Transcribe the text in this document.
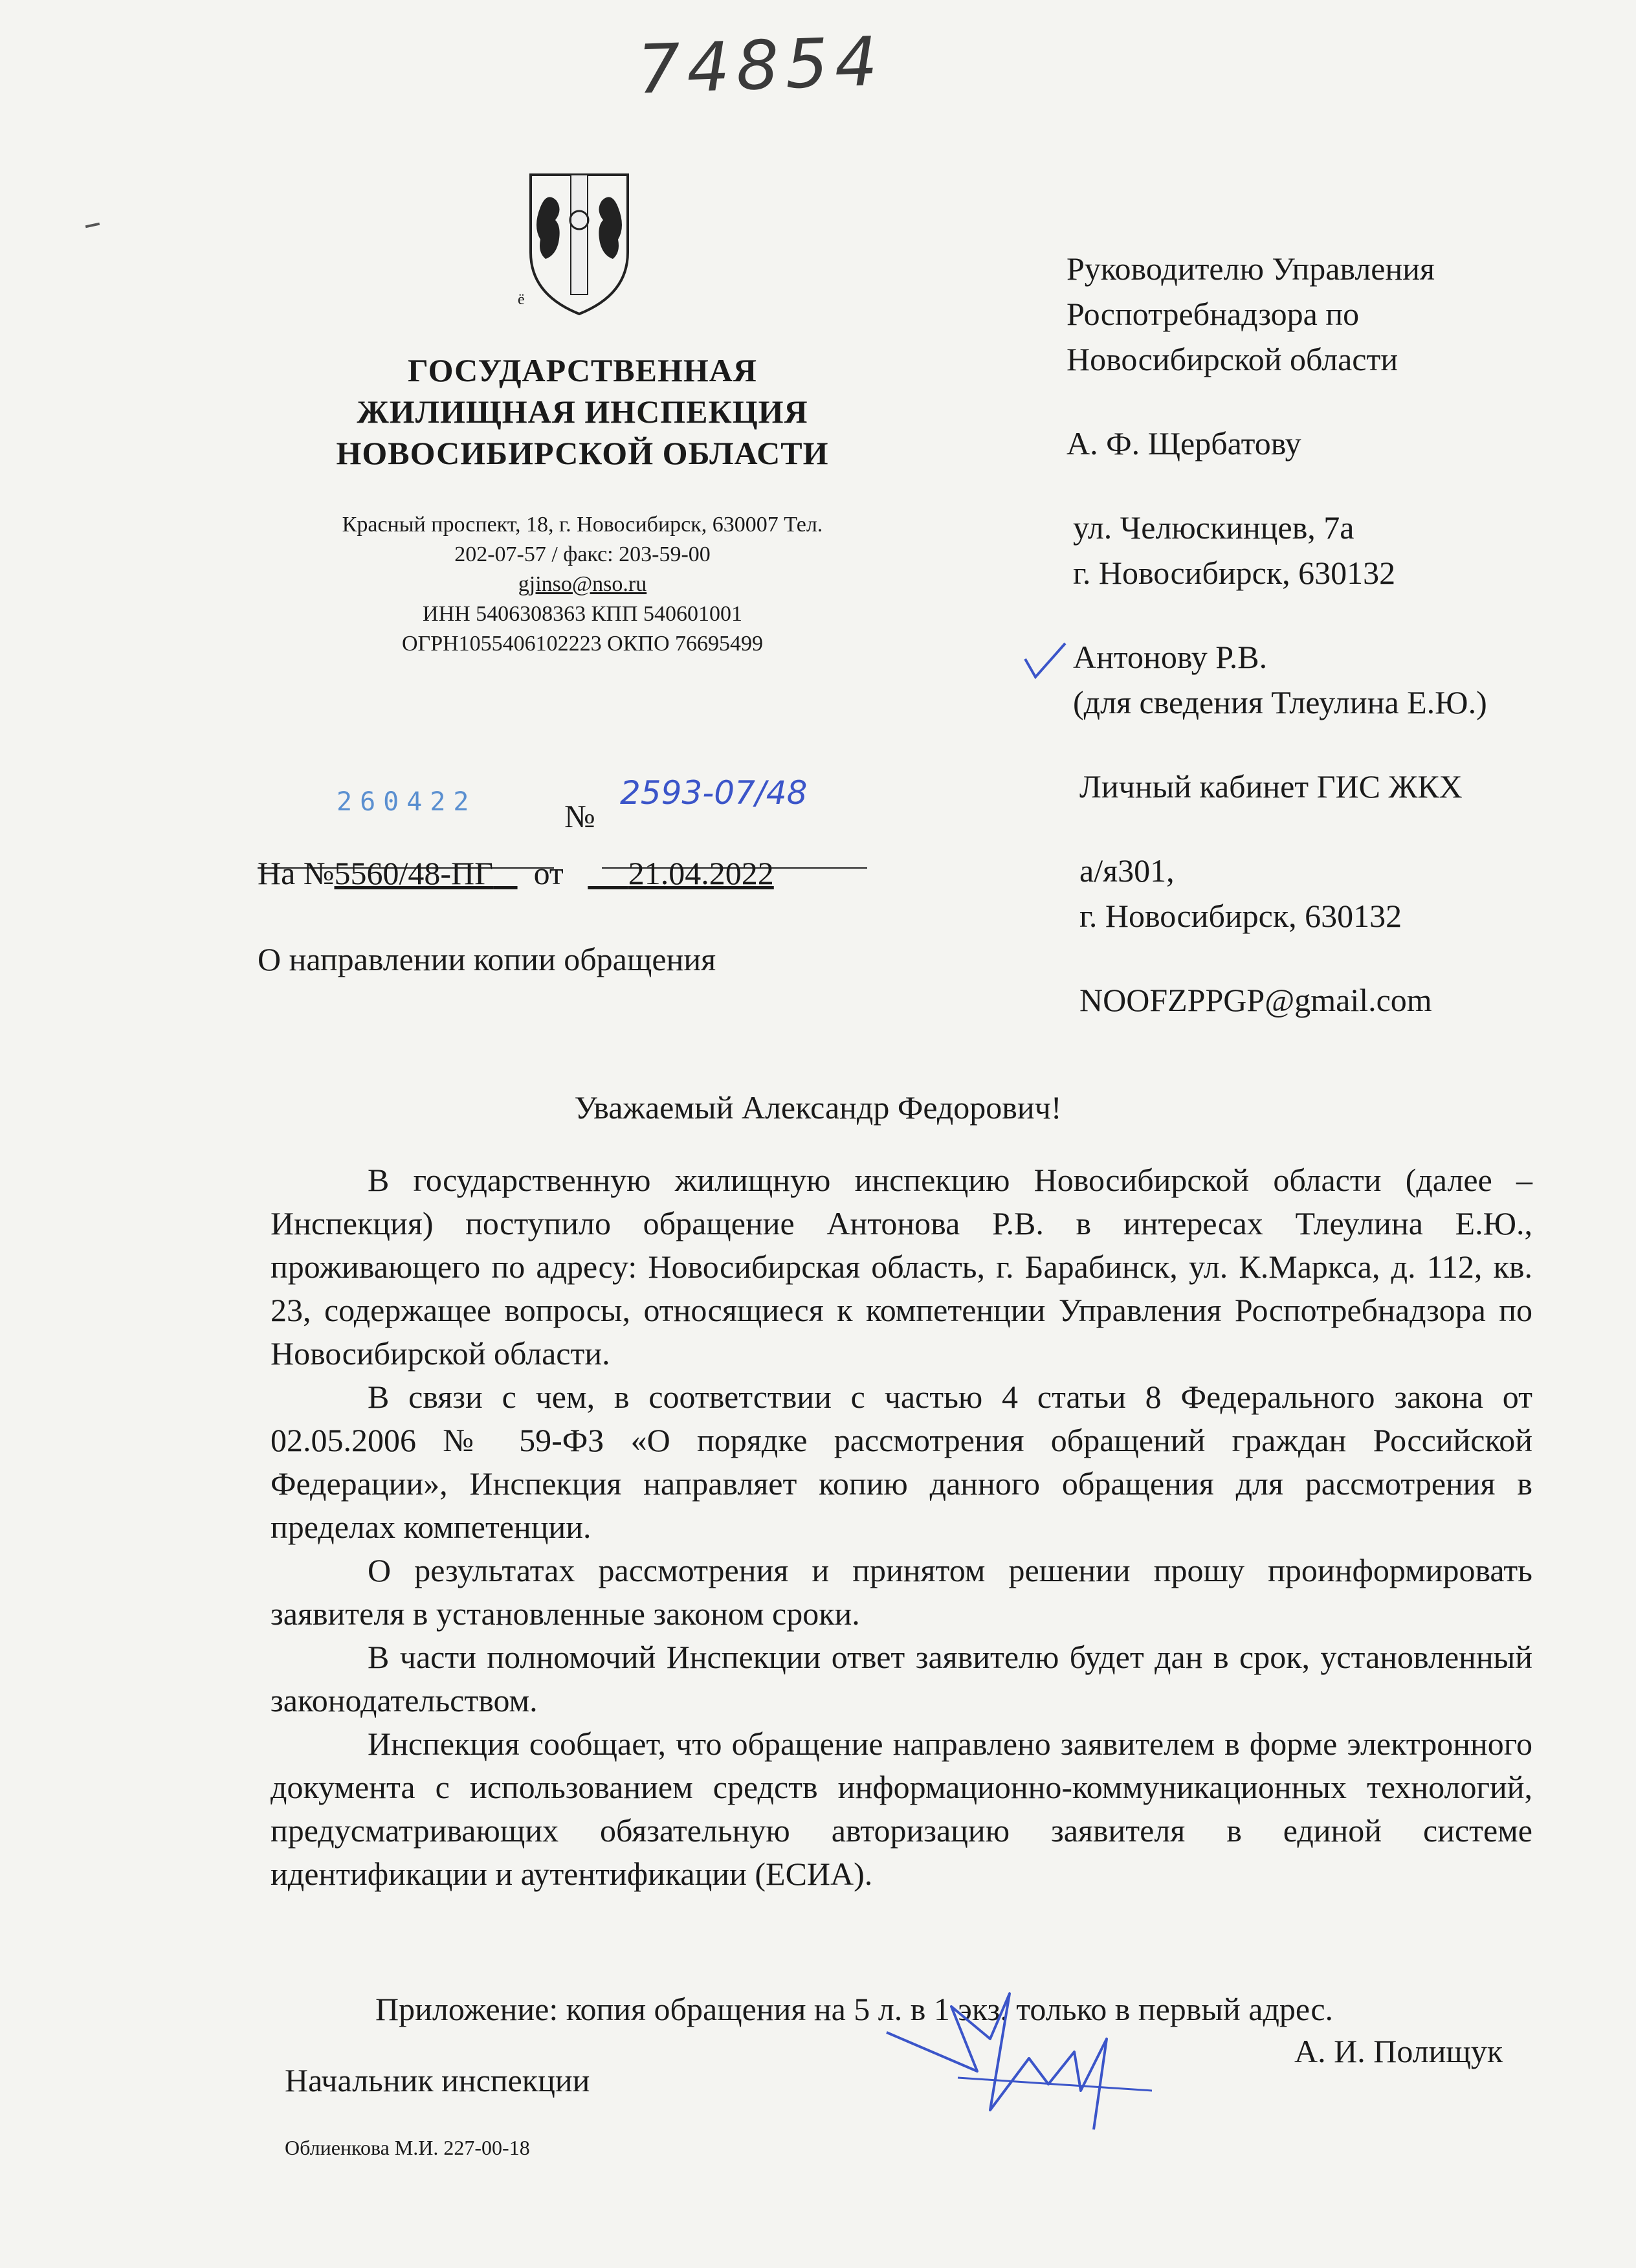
74854
ё
ГОСУДАРСТВЕННАЯ
ЖИЛИЩНАЯ ИНСПЕКЦИЯ
НОВОСИБИРСКОЙ ОБЛАСТИ
Красный проспект, 18, г. Новосибирск, 630007 Тел.
202-07-57 / факс: 203-59-00
gjinso@nso.ru
ИНН 5406308363 КПП 540601001
ОГРН1055406102223 ОКПО 76695499
260422	№
2593-07/48
На №5560/48-ПГ от 21.04.2022
О направлении копии обращения
Руководителю Управления
Роспотребнадзора по
Новосибирской области
А. Ф. Щербатову
ул. Челюскинцев, 7а
г. Новосибирск, 630132
Антонову Р.В.
(для сведения Тлеулина Е.Ю.)
Личный кабинет ГИС ЖКХ
а/я301,
г. Новосибирск, 630132
NOOFZPPGP@gmail.com
Уважаемый Александр Федорович!

В государственную жилищную инспекцию Новосибирской области (далее – Инспекция) поступило обращение Антонова Р.В. в интересах Тлеулина Е.Ю., проживающего по адресу: Новосибирская область, г. Барабинск, ул. К.Маркса, д. 112, кв. 23, содержащее вопросы, относящиеся к компетенции Управления Роспотребнадзора по Новосибирской области.

В связи с чем, в соответствии с частью 4 статьи 8 Федерального закона от 02.05.2006 № 59-ФЗ «О порядке рассмотрения обращений граждан Российской Федерации», Инспекция направляет копию данного обращения для рассмотрения в пределах компетенции.

О результатах рассмотрения и принятом решении прошу проинформировать заявителя в установленные законом сроки.

В части полномочий Инспекции ответ заявителю будет дан в срок, установленный законодательством.

Инспекция сообщает, что обращение направлено заявителем в форме электронного документа с использованием средств информационно-коммуникационных технологий, предусматривающих обязательную авторизацию заявителя в единой системе идентификации и аутентификации (ЕСИА).

Приложение: копия обращения на 5 л. в 1 экз. только в первый адрес.
Начальник инспекции
А. И. Полищук
Облиенкова М.И. 227-00-18
